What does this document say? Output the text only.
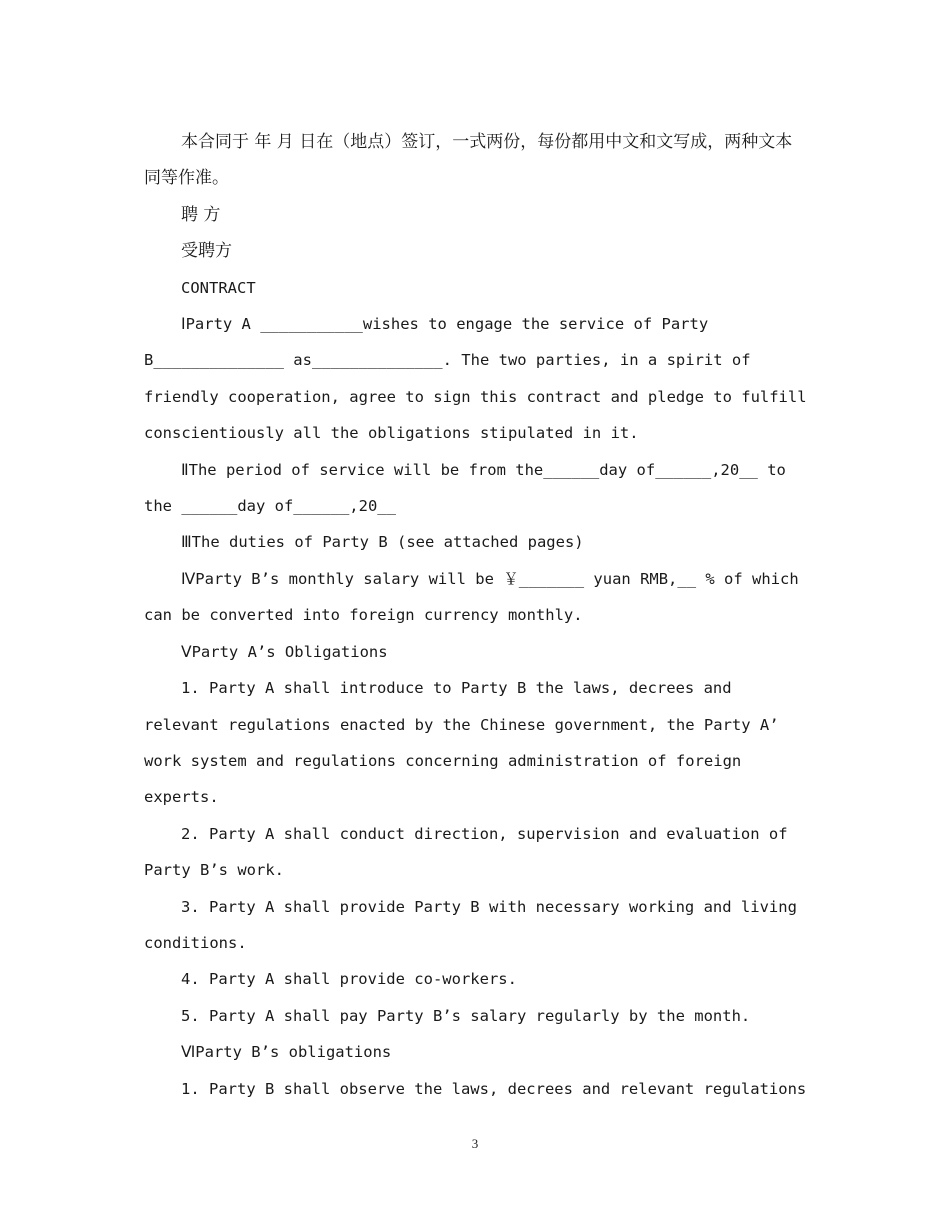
本合同于 年 月 日在（地点）签订，一式两份，每份都用中文和文写成，两种文本同等作准。

聘 方

受聘方

CONTRACT

ⅠParty A ___________wishes to engage the service of Party B______________ as______________. The two parties, in a spirit of friendly cooperation, agree to sign this contract and pledge to fulfill conscientiously all the obligations stipulated in it.

ⅡThe period of service will be from the______day of______,20__ to the ______day of______,20__

ⅢThe duties of Party B (see attached pages)

ⅣParty B’s monthly salary will be ￥_______ yuan RMB,__ % of which can be converted into foreign currency monthly.

ⅤParty A’s Obligations

1. Party A shall introduce to Party B the laws, decrees and relevant regulations enacted by the Chinese government, the Party A’ work system and regulations concerning administration of foreign experts.

2. Party A shall conduct direction, supervision and evaluation of Party B’s work.

3. Party A shall provide Party B with necessary working and living conditions.

4. Party A shall provide co-workers.

5. Party A shall pay Party B’s salary regularly by the month.

ⅥParty B’s obligations

1. Party B shall observe the laws, decrees and relevant regulations

3
